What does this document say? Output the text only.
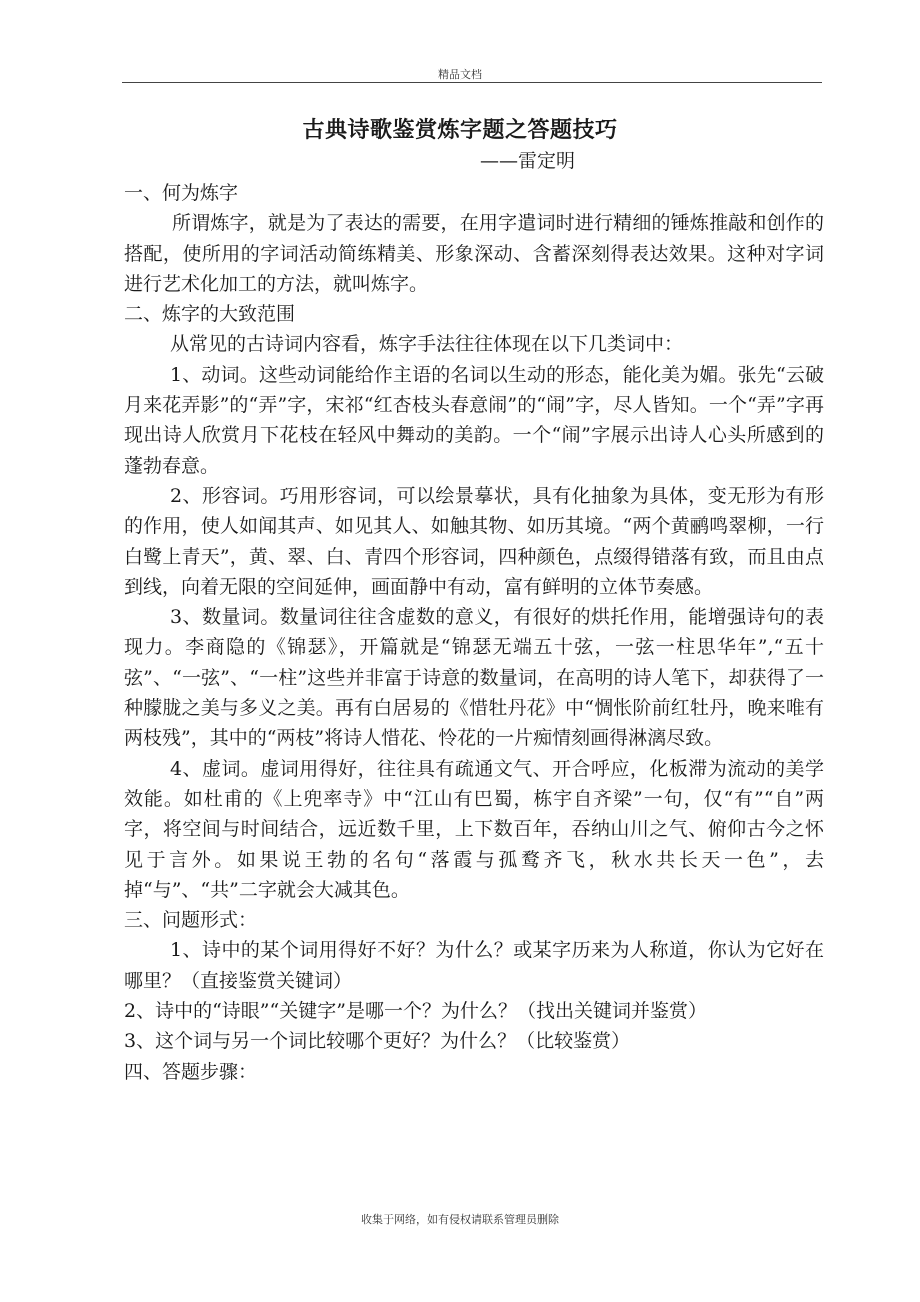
精品文档
古典诗歌鉴赏炼字题之答题技巧
——雷定明

一、何为炼字

所谓炼字，就是为了表达的需要，在用字遣词时进行精细的锤炼推敲和创作的搭配，使所用的字词活动简练精美、形象深动、含蓄深刻得表达效果。这种对字词进行艺术化加工的方法，就叫炼字。

二、炼字的大致范围

从常见的古诗词内容看，炼字手法往往体现在以下几类词中：

1、动词。这些动词能给作主语的名词以生动的形态，能化美为媚。张先“云破月来花弄影”的“弄”字，宋祁“红杏枝头春意闹”的“闹”字，尽人皆知。一个“弄”字再现出诗人欣赏月下花枝在轻风中舞动的美韵。一个“闹”字展示出诗人心头所感到的蓬勃春意。

2、形容词。巧用形容词，可以绘景摹状，具有化抽象为具体，变无形为有形的作用，使人如闻其声、如见其人、如触其物、如历其境。“两个黄鹂鸣翠柳，一行白鹭上青天”，黄、翠、白、青四个形容词，四种颜色，点缀得错落有致，而且由点到线，向着无限的空间延伸，画面静中有动，富有鲜明的立体节奏感。

3、数量词。数量词往往含虚数的意义，有很好的烘托作用，能增强诗句的表现力。李商隐的《锦瑟》，开篇就是“锦瑟无端五十弦，一弦一柱思华年”,“五十弦”、“一弦”、“一柱”这些并非富于诗意的数量词，在高明的诗人笔下，却获得了一种朦胧之美与多义之美。再有白居易的《惜牡丹花》中“惆怅阶前红牡丹，晚来唯有两枝残”，其中的“两枝”将诗人惜花、怜花的一片痴情刻画得淋漓尽致。

4、虚词。虚词用得好，往往具有疏通文气、开合呼应，化板滞为流动的美学效能。如杜甫的《上兜率寺》中“江山有巴蜀，栋宇自齐梁”一句，仅“有”“自”两字，将空间与时间结合，远近数千里，上下数百年，吞纳山川之气、俯仰古今之怀见于言外。如果说王勃的名句“落霞与孤鹜齐飞，秋水共长天一色”，去掉“与”、“共”二字就会大减其色。

三、问题形式：

1、诗中的某个词用得好不好？为什么？或某字历来为人称道，你认为它好在哪里？（直接鉴赏关键词）

2、诗中的“诗眼”“关键字”是哪一个？为什么？（找出关键词并鉴赏）

3、这个词与另一个词比较哪个更好？为什么？（比较鉴赏）

四、答题步骤：

收集于网络，如有侵权请联系管理员删除
